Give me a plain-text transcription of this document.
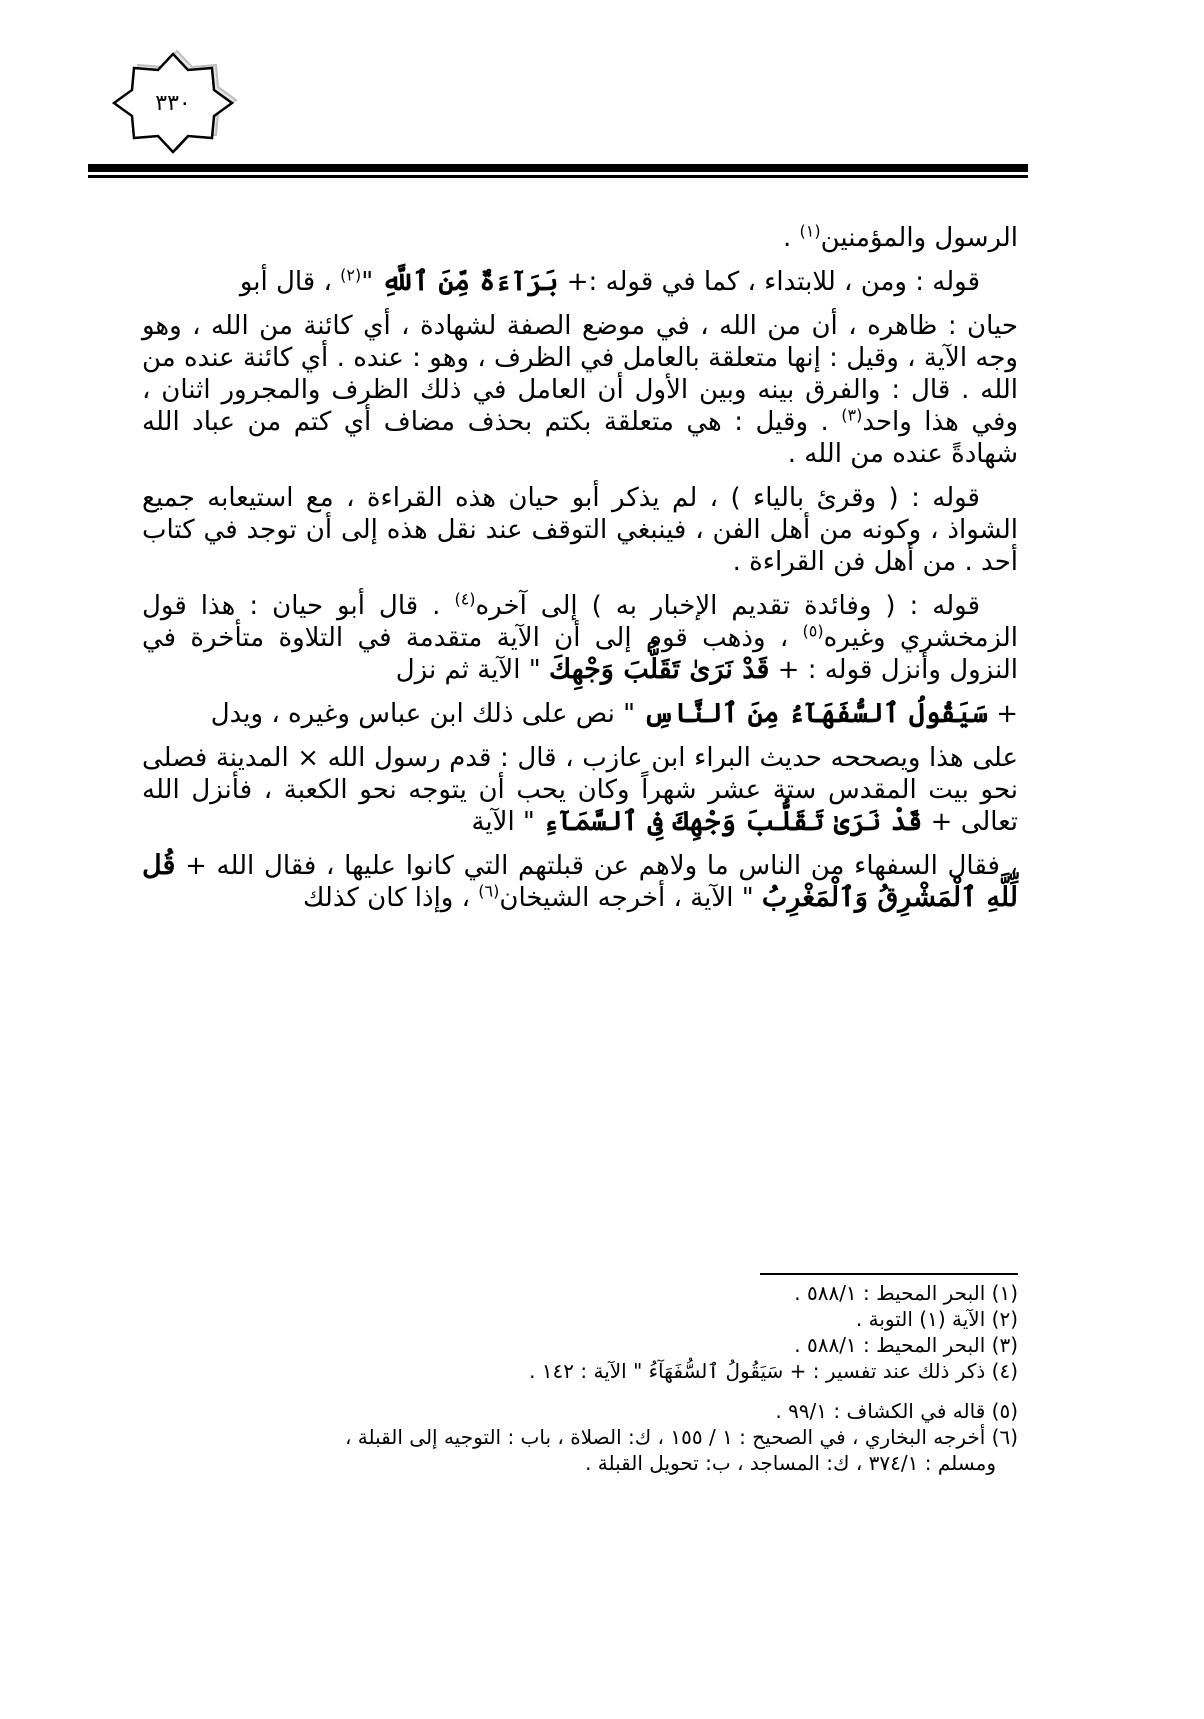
٣٣٠

الرسول والمؤمنين$^{(١)}$ .

قوله : ومن ، للابتداء ، كما في قوله :+ بَرَآءَةٌ مِّنَ ٱللَّهِ "$^{(٢)}$ ، قال أبو

حيان : ظاهره ، أن من الله ، في موضع الصفة لشهادة ، أي كائنة من الله ، وهو وجه الآية ، وقيل : إنها متعلقة بالعامل في الظرف ، وهو : عنده . أي كائنة عنده من الله . قال : والفرق بينه وبين الأول أن العامل في ذلك الظرف والمجرور اثنان ، وفي هذا واحد$^{(٣)}$ . وقيل : هي متعلقة بكتم بحذف مضاف أي كتم من عباد الله شهادةً عنده من الله .

قوله : ( وقرئ بالياء ) ، لم يذكر أبو حيان هذه القراءة ، مع استيعابه جميع الشواذ ، وكونه من أهل الفن ، فينبغي التوقف عند نقل هذه إلى أن توجد في كتاب أحد . من أهل فن القراءة .

قوله : ( وفائدة تقديم الإخبار به ) إلى آخره$^{(٤)}$ . قال أبو حيان : هذا قول الزمخشري وغيره$^{(٥)}$ ، وذهب قوم إلى أن الآية متقدمة في التلاوة متأخرة في النزول وأنزل قوله : + قَدْ نَرَىٰ تَقَلُّبَ وَجْهِكَ " الآية ثم نزل

+ سَيَقُولُ ٱلسُّفَهَآءُ مِنَ ٱلنَّاسِ " نص على ذلك ابن عباس وغيره ، ويدل

على هذا ويصححه حديث البراء ابن عازب ، قال : قدم رسول الله × المدينة فصلى نحو بيت المقدس ستة عشر شهراً وكان يحب أن يتوجه نحو الكعبة ، فأنزل الله تعالى + قَدْ نَرَىٰ تَقَلُّبَ وَجْهِكَ فِى ٱلسَّمَآءِ " الآية

، فقال السفهاء من الناس ما ولاهم عن قبلتهم التي كانوا عليها ، فقال الله + قُل لِّلَّهِ ٱلْمَشْرِقُ وَٱلْمَغْرِبُ " الآية ، أخرجه الشيخان$^{(٦)}$ ، وإذا كان كذلك

(١) البحر المحيط : ٥٨٨/١ .

(٢) الآية (١) التوبة .

(٣) البحر المحيط : ٥٨٨/١ .

(٤) ذكر ذلك عند تفسير : + سَيَقُولُ ٱلسُّفَهَآءُ " الآية : ١٤٢ .

(٥) قاله في الكشاف : ٩٩/١ .

(٦) أخرجه البخاري ، في الصحيح : ١ / ١٥٥ ، ك: الصلاة ، باب : التوجيه إلى القبلة ،

ومسلم : ٣٧٤/١ ، ك: المساجد ، ب: تحويل القبلة .
